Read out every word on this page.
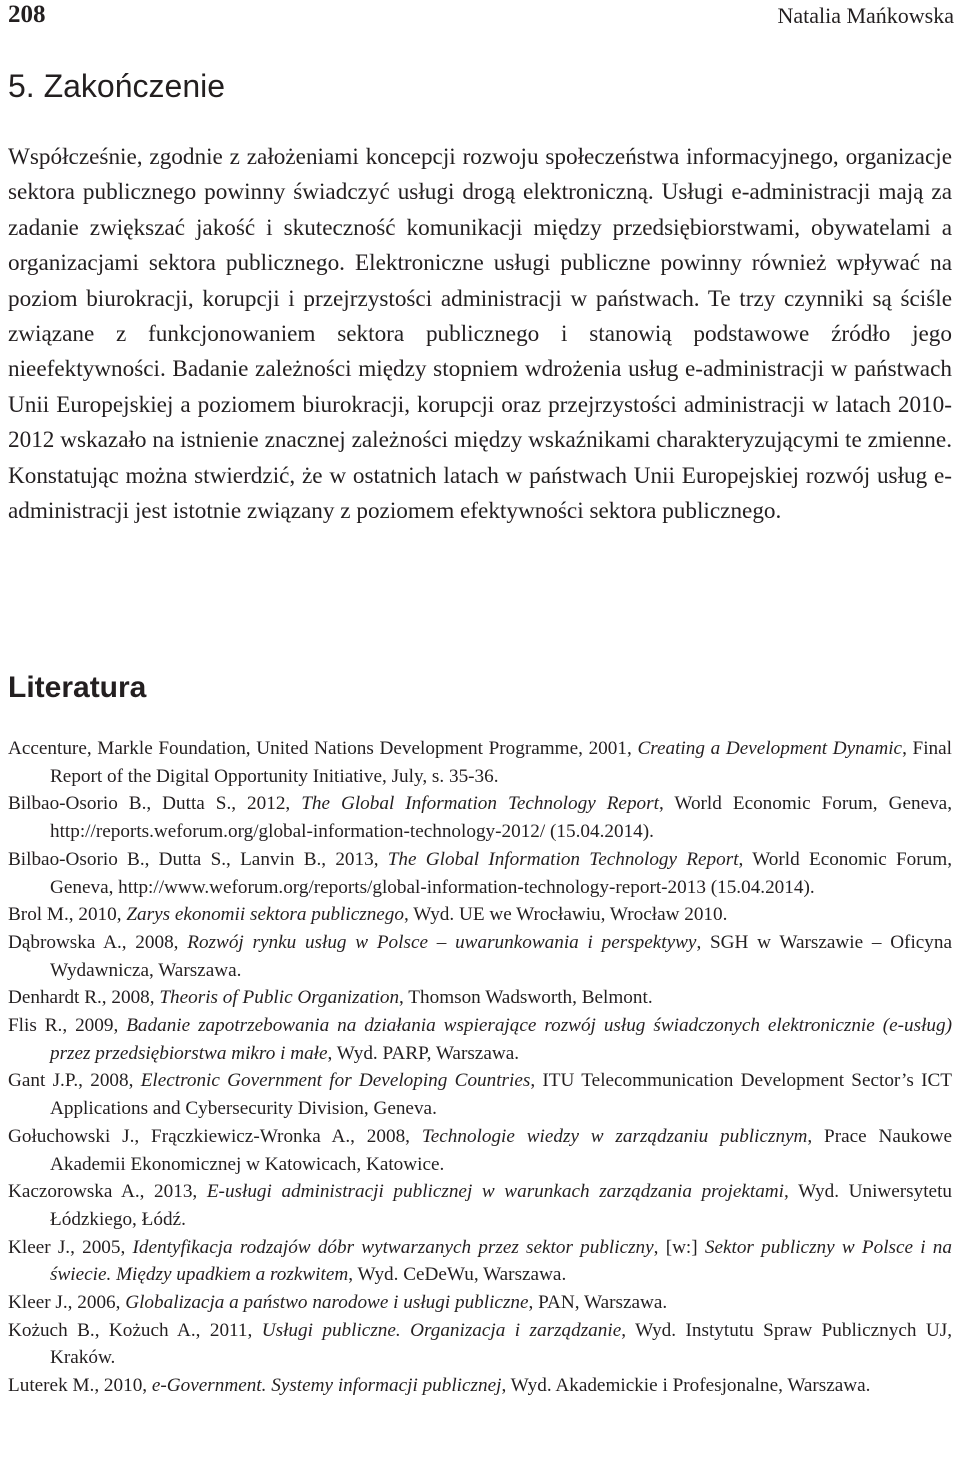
208	Natalia Mańkowska
5. Zakończenie

Współcześnie, zgodnie z założeniami koncepcji rozwoju społeczeństwa informacyjnego, organizacje sektora publicznego powinny świadczyć usługi drogą elektroniczną. Usługi e-administracji mają za zadanie zwiększać jakość i skuteczność komunikacji między przedsiębiorstwami, obywatelami a organizacjami sektora publicznego. Elektroniczne usługi publiczne powinny również wpływać na poziom biurokracji, korupcji i przejrzystości administracji w państwach. Te trzy czynniki są ściśle związane z funkcjonowaniem sektora publicznego i stanowią podstawowe źródło jego nieefektywności. Badanie zależności między stopniem wdrożenia usług e-administracji w państwach Unii Europejskiej a poziomem biurokracji, korupcji oraz przejrzystości administracji w latach 2010-2012 wskazało na istnienie znacznej zależności między wskaźnikami charakteryzującymi te zmienne. Konstatując można stwierdzić, że w ostatnich latach w państwach Unii Europejskiej rozwój usług e-administracji jest istotnie związany z poziomem efektywności sektora publicznego.

Literatura
Accenture, Markle Foundation, United Nations Development Programme, 2001, Creating a Development Dynamic, Final Report of the Digital Opportunity Initiative, July, s. 35-36.
Bilbao-Osorio B., Dutta S., 2012, The Global Information Technology Report, World Economic Forum, Geneva, http://reports.weforum.org/global-information-technology-2012/ (15.04.2014).
Bilbao-Osorio B., Dutta S., Lanvin B., 2013, The Global Information Technology Report, World Economic Forum, Geneva, http://www.weforum.org/reports/global-information-technology-report-2013 (15.04.2014).
Brol M., 2010, Zarys ekonomii sektora publicznego, Wyd. UE we Wrocławiu, Wrocław 2010.
Dąbrowska A., 2008, Rozwój rynku usług w Polsce – uwarunkowania i perspektywy, SGH w Warszawie – Oficyna Wydawnicza, Warszawa.
Denhardt R., 2008, Theoris of Public Organization, Thomson Wadsworth, Belmont.
Flis R., 2009, Badanie zapotrzebowania na działania wspierające rozwój usług świadczonych elektronicznie (e-usług) przez przedsiębiorstwa mikro i małe, Wyd. PARP, Warszawa.
Gant J.P., 2008, Electronic Government for Developing Countries, ITU Telecommunication Development Sector’s ICT Applications and Cybersecurity Division, Geneva.
Gołuchowski J., Frączkiewicz-Wronka A., 2008, Technologie wiedzy w zarządzaniu publicznym, Prace Naukowe Akademii Ekonomicznej w Katowicach, Katowice.
Kaczorowska A., 2013, E-usługi administracji publicznej w warunkach zarządzania projektami, Wyd. Uniwersytetu Łódzkiego, Łódź.
Kleer J., 2005, Identyfikacja rodzajów dóbr wytwarzanych przez sektor publiczny, [w:] Sektor publiczny w Polsce i na świecie. Między upadkiem a rozkwitem, Wyd. CeDeWu, Warszawa.
Kleer J., 2006, Globalizacja a państwo narodowe i usługi publiczne, PAN, Warszawa.
Kożuch B., Kożuch A., 2011, Usługi publiczne. Organizacja i zarządzanie, Wyd. Instytutu Spraw Publicznych UJ, Kraków.
Luterek M., 2010, e-Government. Systemy informacji publicznej, Wyd. Akademickie i Profesjonalne, Warszawa.
